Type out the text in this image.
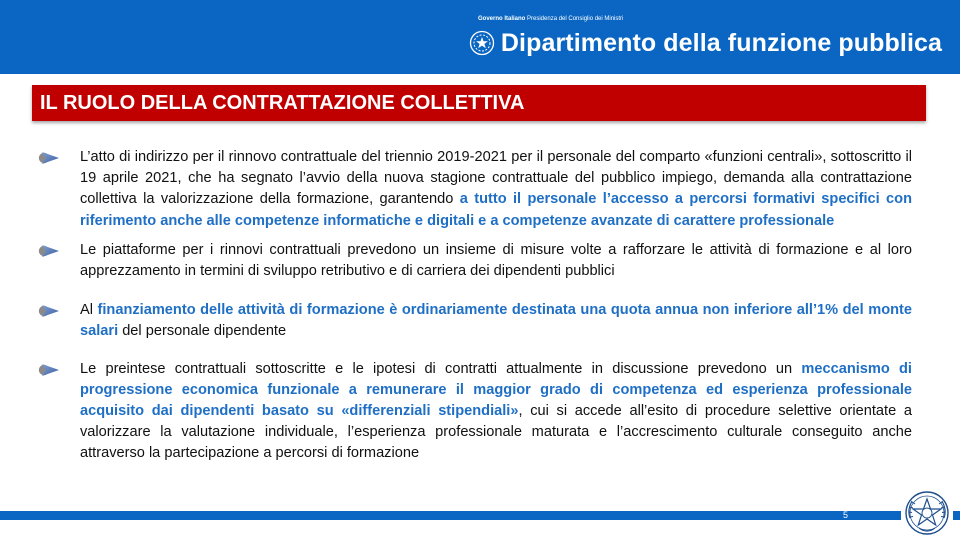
Governo Italiano Presidenza del Consiglio dei Ministri
Dipartimento della funzione pubblica
IL RUOLO DELLA CONTRATTAZIONE COLLETTIVA

L’atto di indirizzo per il rinnovo contrattuale del triennio 2019-2021 per il personale del comparto «funzioni centrali», sottoscritto il 19 aprile 2021, che ha segnato l’avvio della nuova stagione contrattuale del pubblico impiego, demanda alla contrattazione collettiva la valorizzazione della formazione, garantendo a tutto il personale l’accesso a percorsi formativi specifici con riferimento anche alle competenze informatiche e digitali e a competenze avanzate di carattere professionale

Le piattaforme per i rinnovi contrattuali prevedono un insieme di misure volte a rafforzare le attività di formazione e al loro apprezzamento in termini di sviluppo retributivo e di carriera dei dipendenti pubblici

Al finanziamento delle attività di formazione è ordinariamente destinata una quota annua non inferiore all’1% del monte salari del personale dipendente

Le preintese contrattuali sottoscritte e le ipotesi di contratti attualmente in discussione prevedono un meccanismo di progressione economica funzionale a remunerare il maggior grado di competenza ed esperienza professionale acquisito dai dipendenti basato su «differenziali stipendiali», cui si accede all’esito di procedure selettive orientate a valorizzare la valutazione individuale, l’esperienza professionale maturata e l’accrescimento culturale conseguito anche attraverso la partecipazione a percorsi di formazione

5
